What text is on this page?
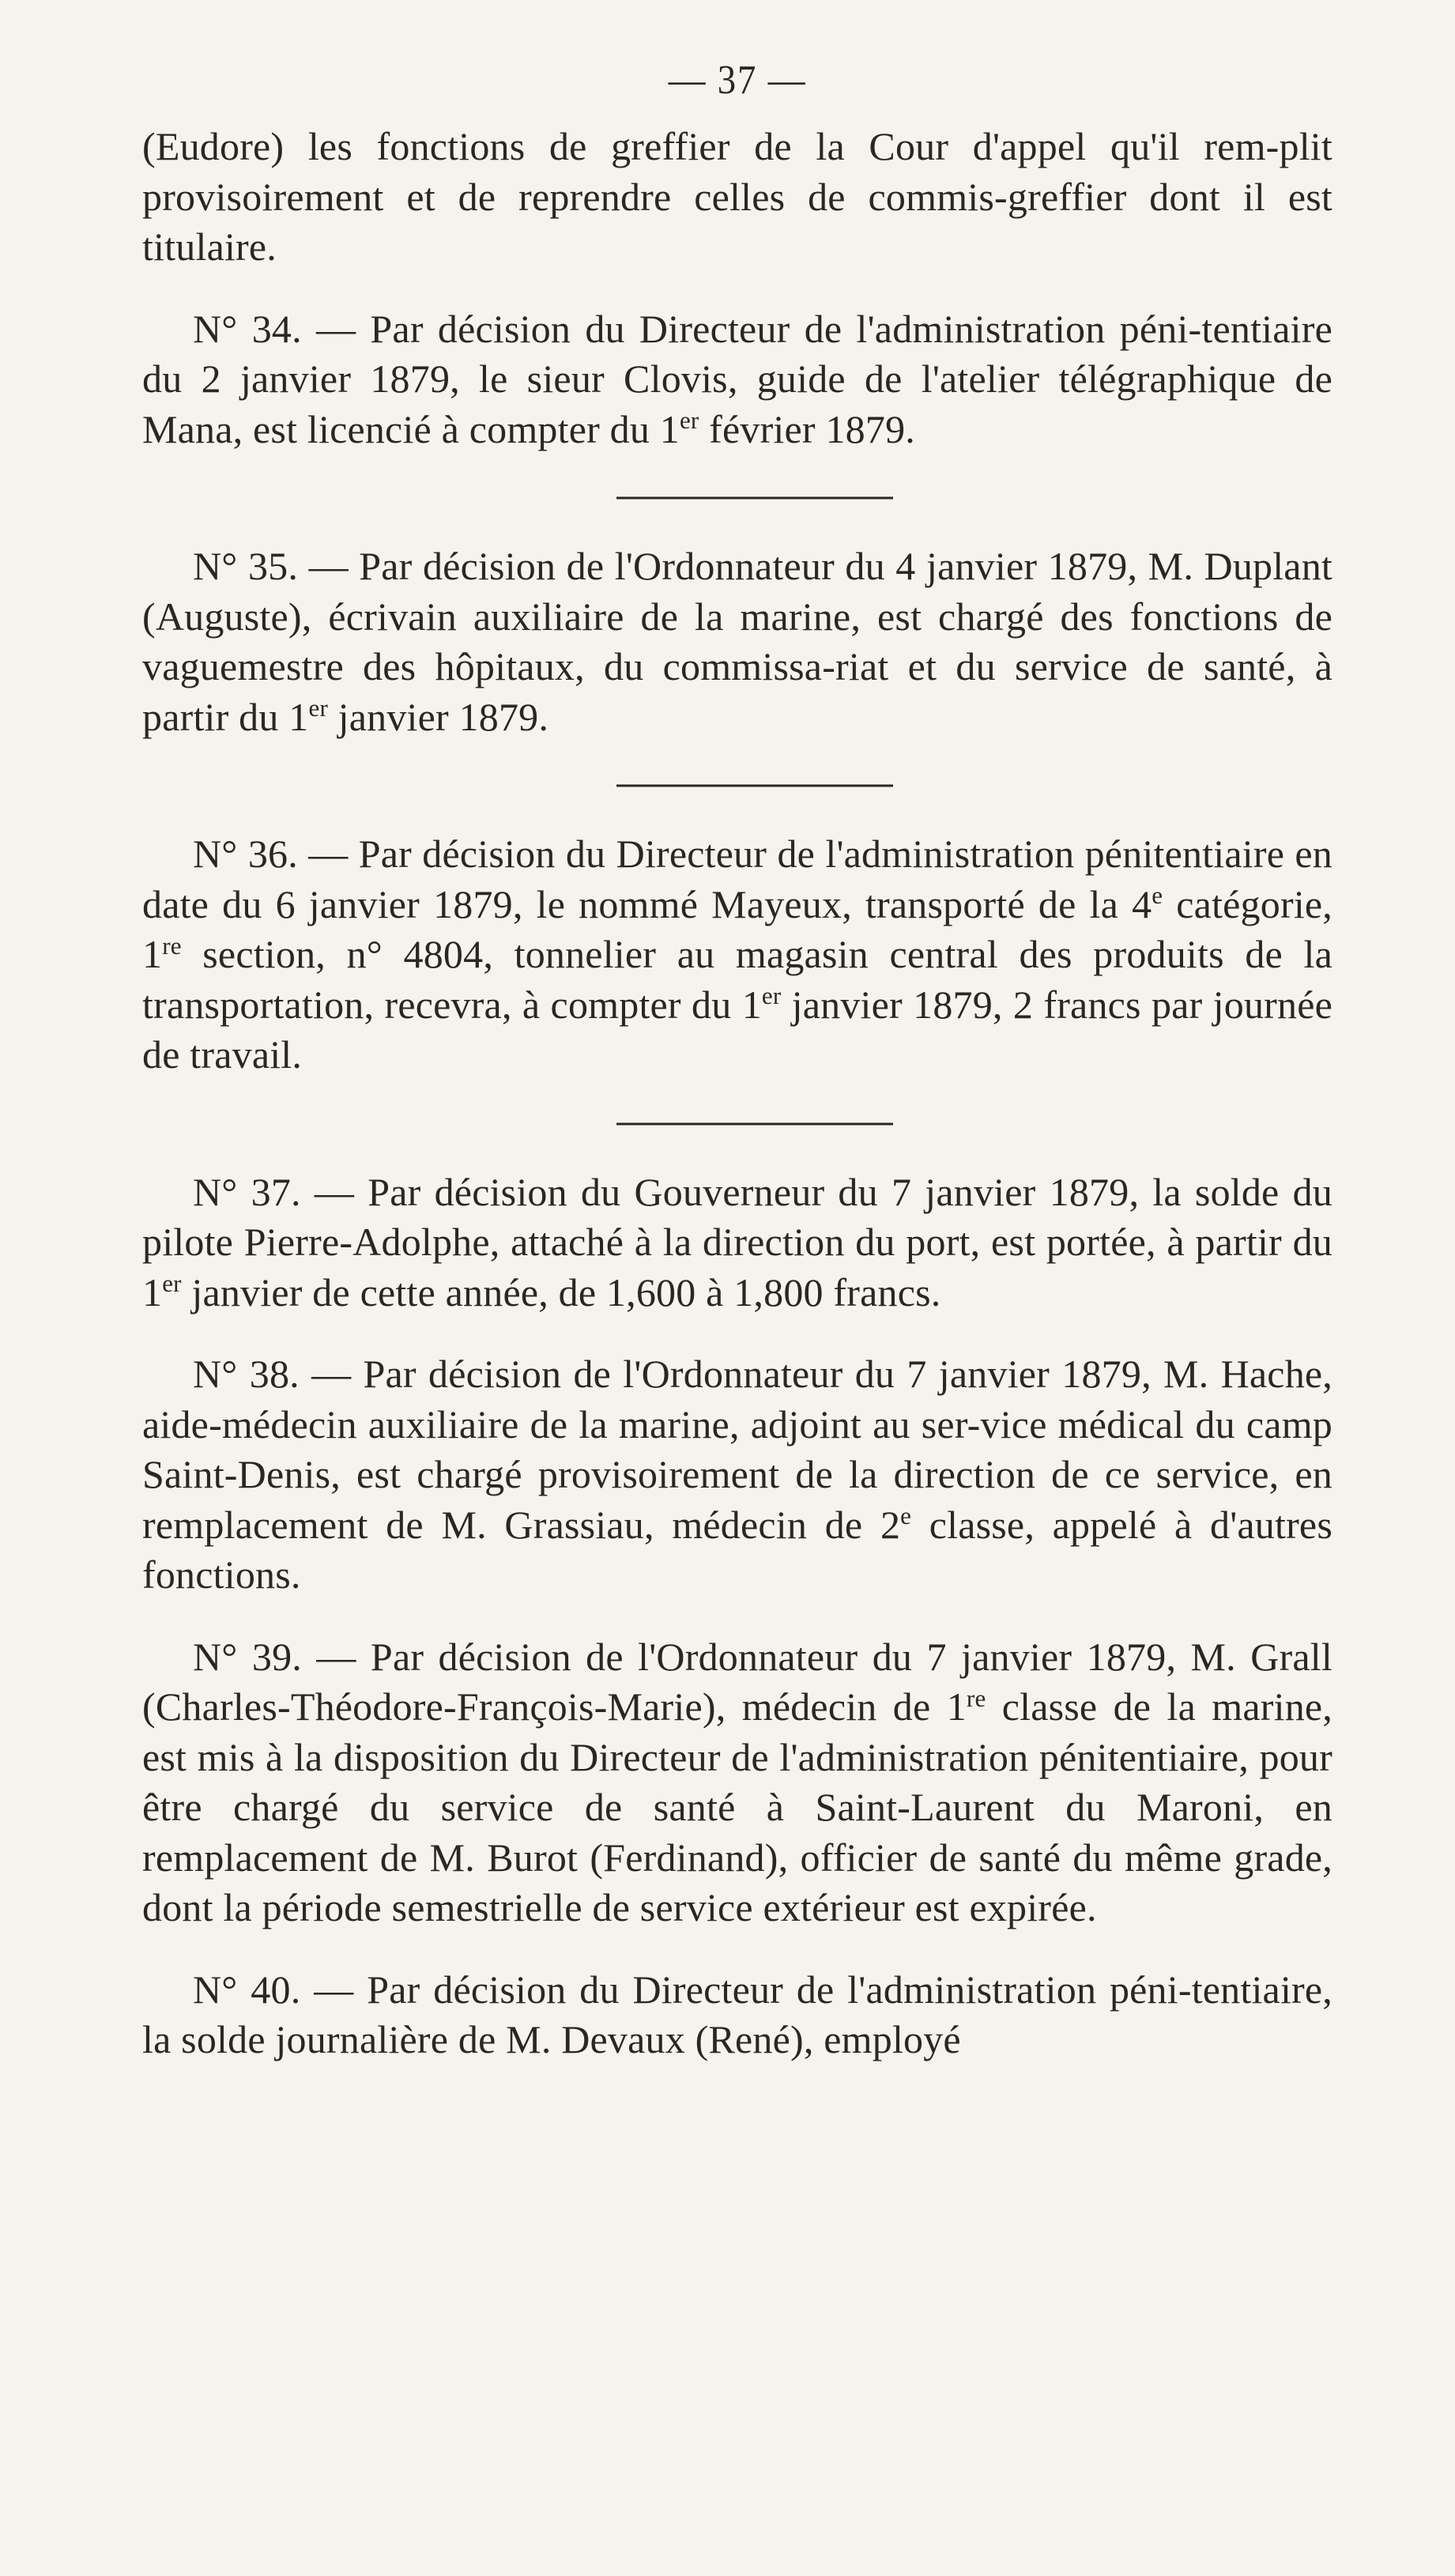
— 37 —

(Eudore) les fonctions de greffier de la Cour d'appel qu'il rem-plit provisoirement et de reprendre celles de commis-greffier dont il est titulaire.

N° 34. — Par décision du Directeur de l'administration péni-tentiaire du 2 janvier 1879, le sieur Clovis, guide de l'atelier télégraphique de Mana, est licencié à compter du 1er février 1879.

N° 35. — Par décision de l'Ordonnateur du 4 janvier 1879, M. Duplant (Auguste), écrivain auxiliaire de la marine, est chargé des fonctions de vaguemestre des hôpitaux, du commissa-riat et du service de santé, à partir du 1er janvier 1879.

N° 36. — Par décision du Directeur de l'administration pénitentiaire en date du 6 janvier 1879, le nommé Mayeux, transporté de la 4e catégorie, 1re section, n° 4804, tonnelier au magasin central des produits de la transportation, recevra, à compter du 1er janvier 1879, 2 francs par journée de travail.

N° 37. — Par décision du Gouverneur du 7 janvier 1879, la solde du pilote Pierre-Adolphe, attaché à la direction du port, est portée, à partir du 1er janvier de cette année, de 1,600 à 1,800 francs.

N° 38. — Par décision de l'Ordonnateur du 7 janvier 1879, M. Hache, aide-médecin auxiliaire de la marine, adjoint au ser-vice médical du camp Saint-Denis, est chargé provisoirement de la direction de ce service, en remplacement de M. Grassiau, médecin de 2e classe, appelé à d'autres fonctions.

N° 39. — Par décision de l'Ordonnateur du 7 janvier 1879, M. Grall (Charles-Théodore-François-Marie), médecin de 1re classe de la marine, est mis à la disposition du Directeur de l'administration pénitentiaire, pour être chargé du service de santé à Saint-Laurent du Maroni, en remplacement de M. Burot (Ferdinand), officier de santé du même grade, dont la période semestrielle de service extérieur est expirée.

N° 40. — Par décision du Directeur de l'administration péni-tentiaire, la solde journalière de M. Devaux (René), employé
